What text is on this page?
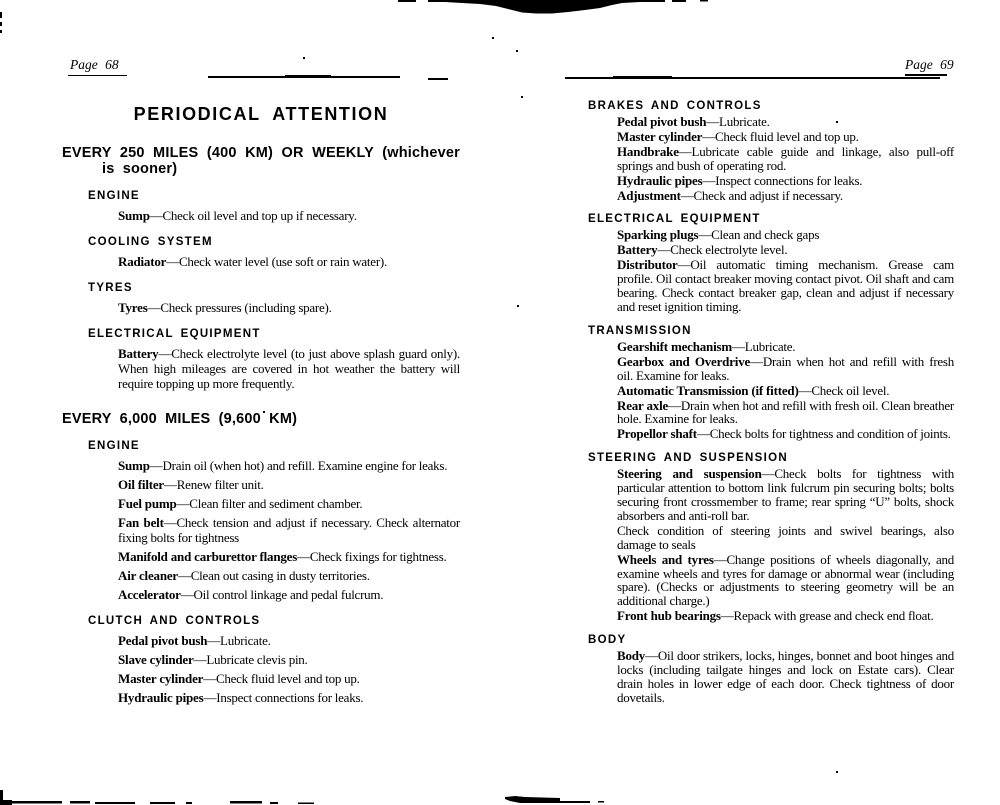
Page 68	Page 69
PERIODICAL ATTENTION
EVERY 250 MILES (400 KM) OR WEEKLY (whichever is sooner)
ENGINE

Sump—Check oil level and top up if necessary.

COOLING SYSTEM

Radiator—Check water level (use soft or rain water).

TYRES

Tyres—Check pressures (including spare).

ELECTRICAL EQUIPMENT

Battery—Check electrolyte level (to just above splash guard only). When high mileages are covered in hot weather the battery will require topping up more frequently.

EVERY 6,000 MILES (9,600 KM)
ENGINE

Sump—Drain oil (when hot) and refill. Examine engine for leaks.

Oil filter—Renew filter unit.

Fuel pump—Clean filter and sediment chamber.

Fan belt—Check tension and adjust if necessary. Check alternator fixing bolts for tightness

Manifold and carburettor flanges—Check fixings for tightness.

Air cleaner—Clean out casing in dusty territories.

Accelerator—Oil control linkage and pedal fulcrum.

CLUTCH AND CONTROLS

Pedal pivot bush—Lubricate.

Slave cylinder—Lubricate clevis pin.

Master cylinder—Check fluid level and top up.

Hydraulic pipes—Inspect connections for leaks.

BRAKES AND CONTROLS

Pedal pivot bush—Lubricate.

Master cylinder—Check fluid level and top up.

Handbrake—Lubricate cable guide and linkage, also pull-off springs and bush of operating rod.

Hydraulic pipes—Inspect connections for leaks.

Adjustment—Check and adjust if necessary.

ELECTRICAL EQUIPMENT

Sparking plugs—Clean and check gaps

Battery—Check electrolyte level.

Distributor—Oil automatic timing mechanism. Grease cam profile. Oil contact breaker moving contact pivot. Oil shaft and cam bearing. Check contact breaker gap, clean and adjust if necessary and reset ignition timing.

TRANSMISSION

Gearshift mechanism—Lubricate.

Gearbox and Overdrive—Drain when hot and refill with fresh oil. Examine for leaks.

Automatic Transmission (if fitted)—Check oil level.

Rear axle—Drain when hot and refill with fresh oil. Clean breather hole. Examine for leaks.

Propellor shaft—Check bolts for tightness and condition of joints.

STEERING AND SUSPENSION

Steering and suspension—Check bolts for tightness with particular attention to bottom link fulcrum pin securing bolts; bolts securing front crossmember to frame; rear spring “U” bolts, shock absorbers and anti-roll bar.

Check condition of steering joints and swivel bearings, also damage to seals

Wheels and tyres—Change positions of wheels diagonally, and examine wheels and tyres for damage or abnormal wear (including spare). (Checks or adjustments to steering geometry will be an additional charge.)

Front hub bearings—Repack with grease and check end float.

BODY

Body—Oil door strikers, locks, hinges, bonnet and boot hinges and locks (including tailgate hinges and lock on Estate cars). Clear drain holes in lower edge of each door. Check tightness of door dovetails.
